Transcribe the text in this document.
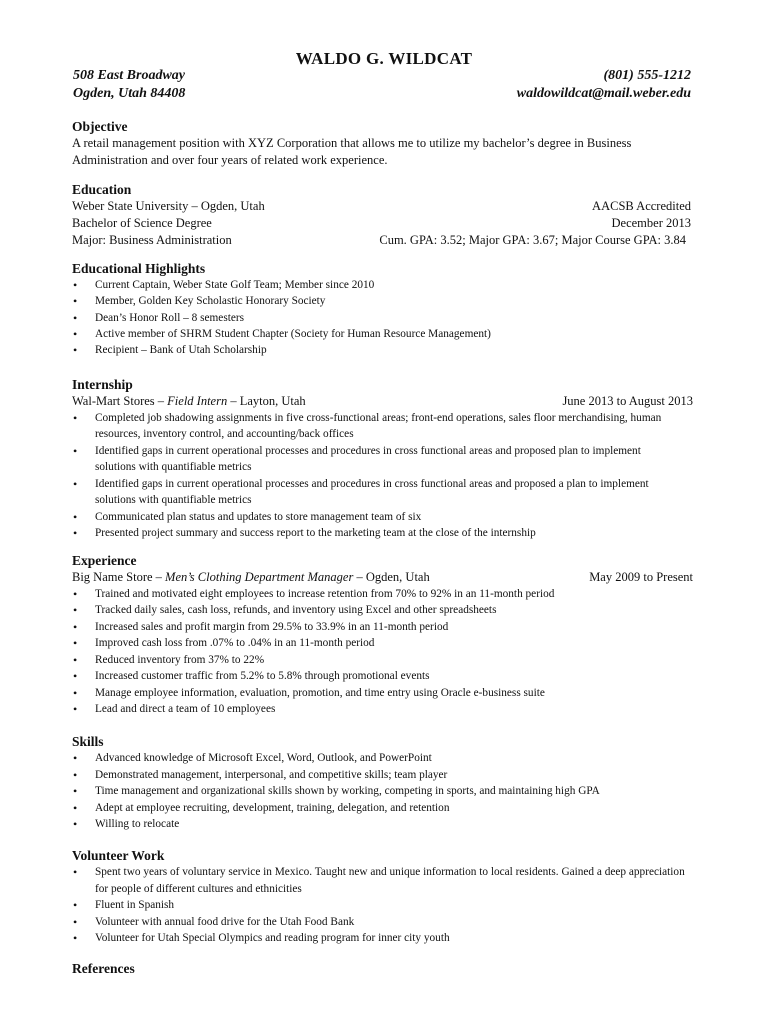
WALDO G. WILDCAT
508 East Broadway
Ogden, Utah 84408
(801) 555-1212
waldowildcat@mail.weber.edu
Objective
A retail management position with XYZ Corporation that allows me to utilize my bachelor’s degree in Business Administration and over four years of related work experience.
Education
Weber State University – Ogden, Utah	AACSB Accredited
Bachelor of Science Degree	December 2013
Major: Business Administration	Cum. GPA: 3.52; Major GPA: 3.67; Major Course GPA: 3.84
Educational Highlights
• Current Captain, Weber State Golf Team; Member since 2010
• Member, Golden Key Scholastic Honorary Society
• Dean’s Honor Roll – 8 semesters
• Active member of SHRM Student Chapter (Society for Human Resource Management)
• Recipient – Bank of Utah Scholarship
Internship
Wal-Mart Stores – Field Intern – Layton, Utah	June 2013 to August 2013
• Completed job shadowing assignments in five cross-functional areas; front-end operations, sales floor merchandising, human resources, inventory control, and accounting/back offices
• Identified gaps in current operational processes and procedures in cross functional areas and proposed plan to implement solutions with quantifiable metrics
• Identified gaps in current operational processes and procedures in cross functional areas and proposed a plan to implement solutions with quantifiable metrics
• Communicated plan status and updates to store management team of six
• Presented project summary and success report to the marketing team at the close of the internship
Experience
Big Name Store – Men’s Clothing Department Manager – Ogden, Utah	May 2009 to Present
• Trained and motivated eight employees to increase retention from 70% to 92% in an 11-month period
• Tracked daily sales, cash loss, refunds, and inventory using Excel and other spreadsheets
• Increased sales and profit margin from 29.5% to 33.9% in an 11-month period
• Improved cash loss from .07% to .04% in an 11-month period
• Reduced inventory from 37% to 22%
• Increased customer traffic from 5.2% to 5.8% through promotional events
• Manage employee information, evaluation, promotion, and time entry using Oracle e-business suite
• Lead and direct a team of 10 employees
Skills
• Advanced knowledge of Microsoft Excel, Word, Outlook, and PowerPoint
• Demonstrated management, interpersonal, and competitive skills; team player
• Time management and organizational skills shown by working, competing in sports, and maintaining high GPA
• Adept at employee recruiting, development, training, delegation, and retention
• Willing to relocate
Volunteer Work
• Spent two years of voluntary service in Mexico. Taught new and unique information to local residents. Gained a deep appreciation for people of different cultures and ethnicities
• Fluent in Spanish
• Volunteer with annual food drive for the Utah Food Bank
• Volunteer for Utah Special Olympics and reading program for inner city youth
References
